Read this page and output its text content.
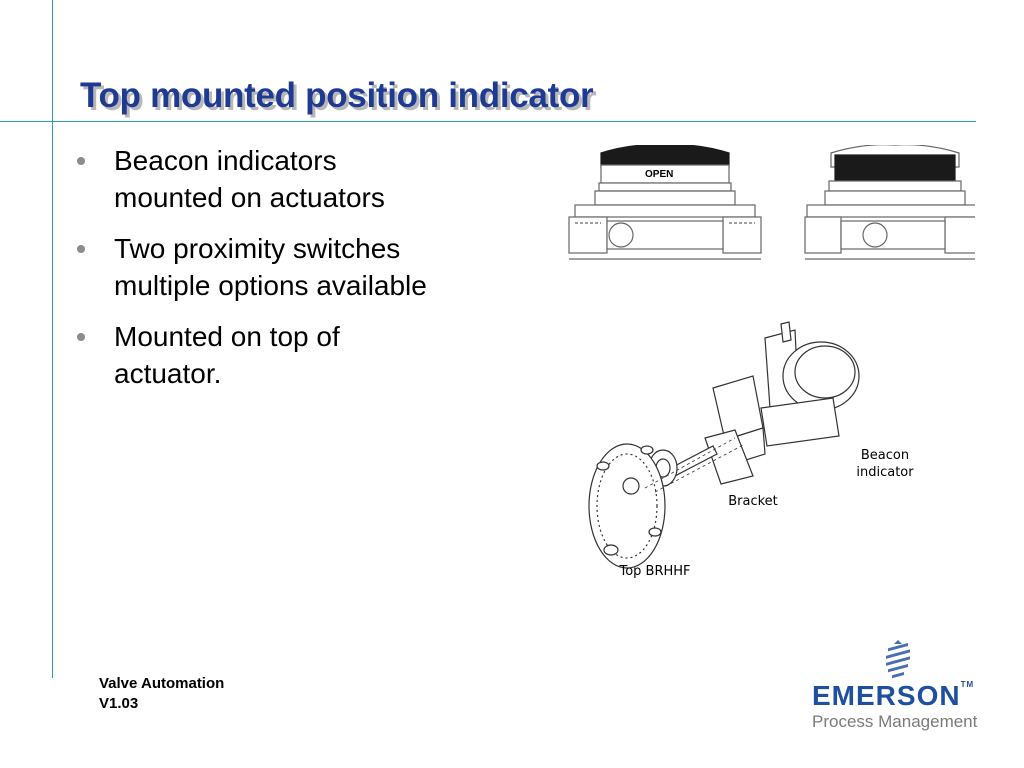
Top mounted position indicator
Beacon indicators
mounted on actuators
Two proximity switches
multiple options available
Mounted on top of
actuator.
OPEN
Beacon
indicator
Bracket
Top BRHHF
Valve Automation
V1.03	EMERSON™
Process Management
